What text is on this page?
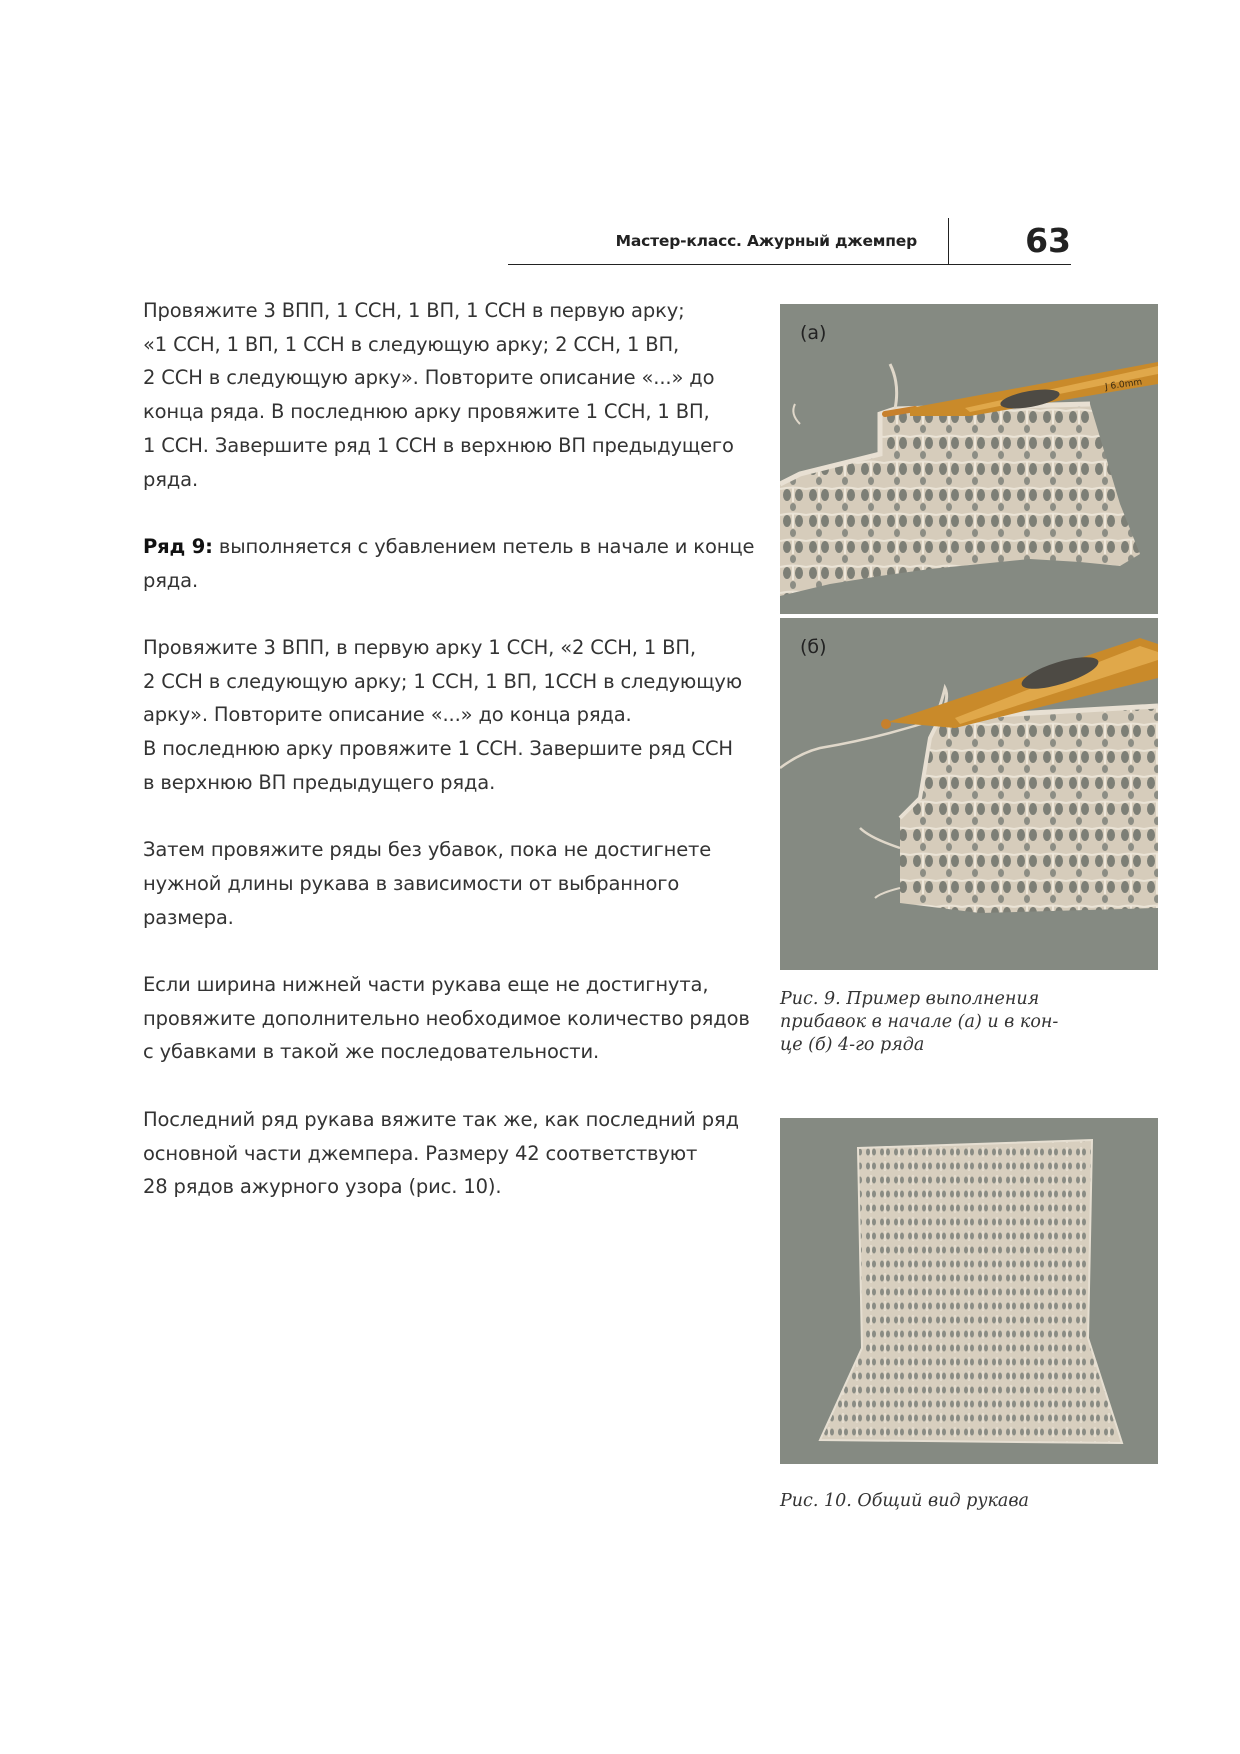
Мастер-класс. Ажурный джемпер	63

Провяжите 3 ВПП, 1 ССН, 1 ВП, 1 ССН в первую арку;
«1 ССН, 1 ВП, 1 ССН в следующую арку; 2 ССН, 1 ВП,
2 ССН в следующую арку». Повторите описание «...» до
конца ряда. В последнюю арку провяжите 1 ССН, 1 ВП,
1 ССН. Завершите ряд 1 ССН в верхнюю ВП предыдущего
ряда.

Ряд 9: выполняется с убавлением петель в начале и конце
ряда.

Провяжите 3 ВПП, в первую арку 1 ССН, «2 ССН, 1 ВП,
2 ССН в следующую арку; 1 ССН, 1 ВП, 1ССН в следующую
арку». Повторите описание «...» до конца ряда.
В последнюю арку провяжите 1 ССН. Завершите ряд ССН
в верхнюю ВП предыдущего ряда.

Затем провяжите ряды без убавок, пока не достигнете
нужной длины рукава в зависимости от выбранного
размера.

Если ширина нижней части рукава еще не достигнута,
провяжите дополнительно необходимое количество рядов
с убавками в такой же последовательности.

Последний ряд рукава вяжите так же, как последний ряд
основной части джемпера. Размеру 42 соответствуют
28 рядов ажурного узора (рис. 10).

(а)
J 6.0mm
(б)
Рис. 9. Пример выполнения
прибавок в начале (а) и в кон-
це (б) 4-го ряда
Рис. 10. Общий вид рукава
